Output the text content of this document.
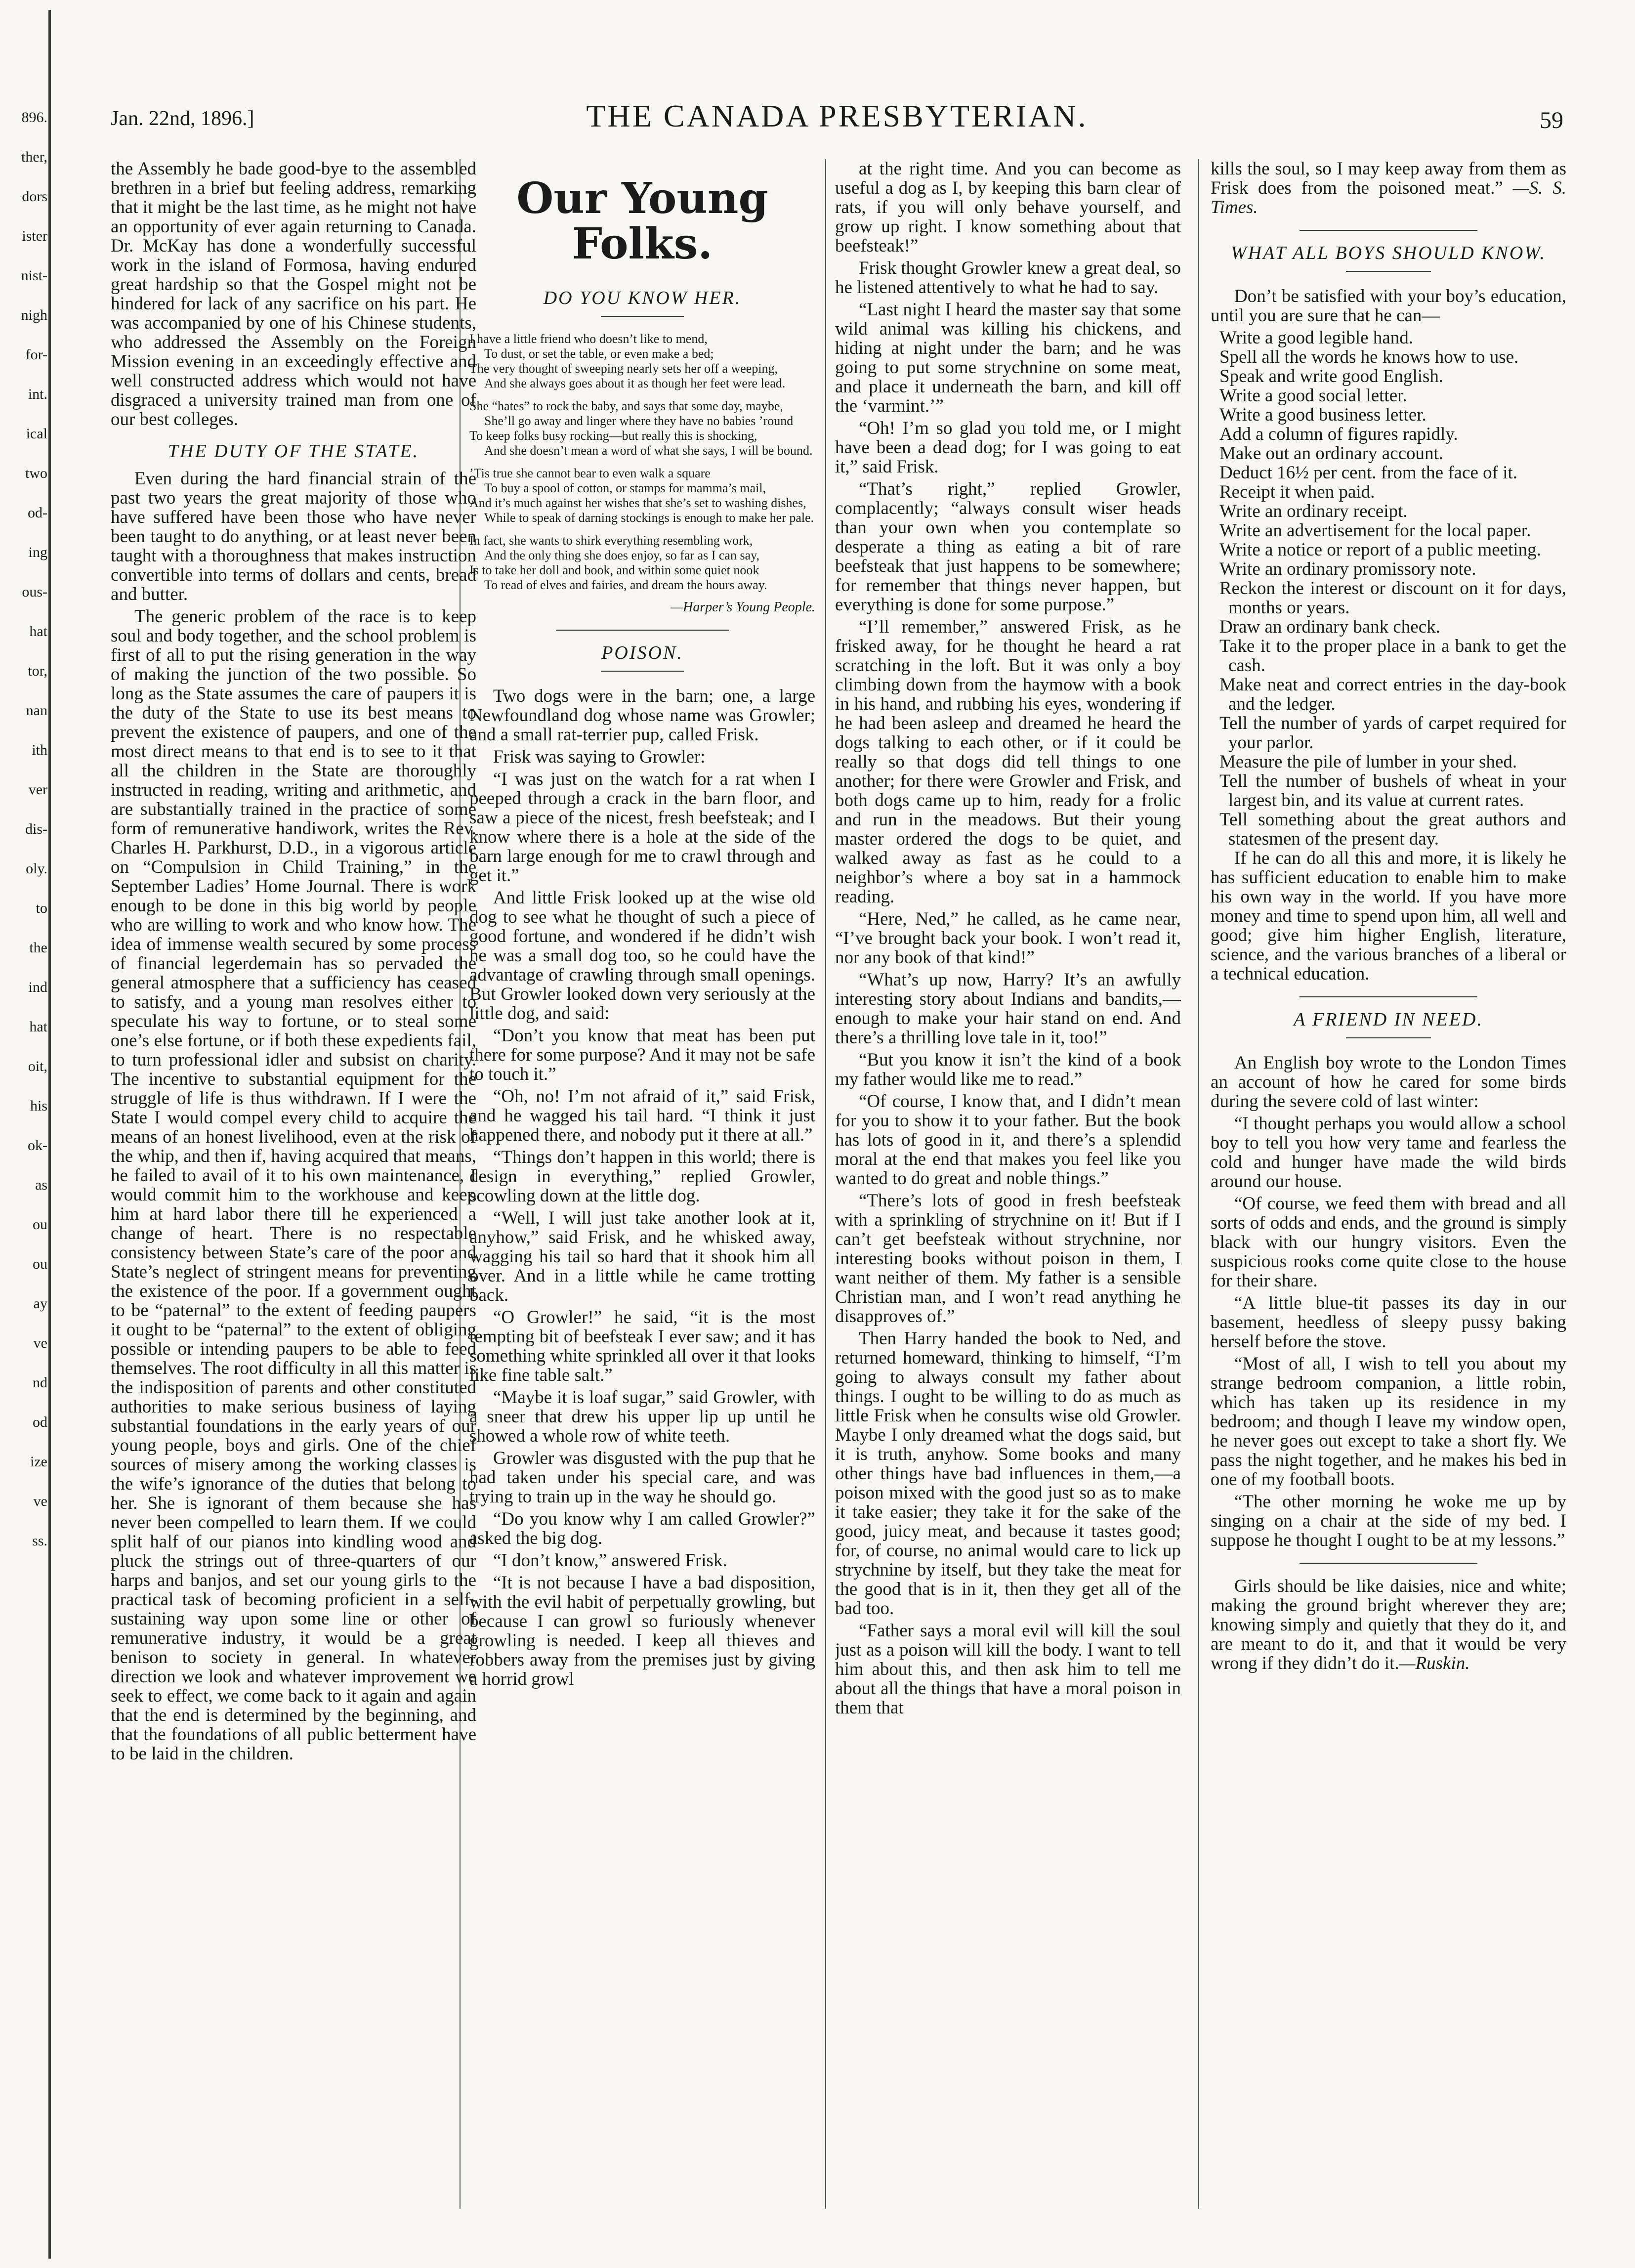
896.
ther,
dors
ister
nist-
nigh
for-
int.
ical
two
od-
ing
ous-
hat
tor,
nan
ith
ver
dis-
oly.
to
the
ind
hat
oit,
his
ok-
as
ou
ou
ay
ve
nd
od
ize
ve
ss.
Jan. 22nd, 1896.]	THE CANADA PRESBYTERIAN.	59

the Assembly he bade good-bye to the assembled brethren in a brief but feeling address, remarking that it might be the last time, as he might not have an opportunity of ever again returning to Canada. Dr. McKay has done a wonderfully successful work in the island of Formosa, having endured great hardship so that the Gospel might not be hindered for lack of any sacrifice on his part. He was accompanied by one of his Chinese students, who addressed the Assembly on the Foreign Mission evening in an exceedingly effective and well constructed address which would not have disgraced a university trained man from one of our best colleges.

THE DUTY OF THE STATE.

Even during the hard financial strain of the past two years the great majority of those who have suffered have been those who have never been taught to do anything, or at least never been taught with a thoroughness that makes instruction convertible into terms of dollars and cents, bread and butter.

The generic problem of the race is to keep soul and body together, and the school problem is first of all to put the rising generation in the way of making the junction of the two possible. So long as the State assumes the care of paupers it is the duty of the State to use its best means to prevent the existence of paupers, and one of the most direct means to that end is to see to it that all the children in the State are thoroughly instructed in reading, writing and arithmetic, and are substantially trained in the practice of some form of remunerative handiwork, writes the Rev. Charles H. Parkhurst, D.D., in a vigorous article on “Compulsion in Child Training,” in the September Ladies’ Home Journal. There is work enough to be done in this big world by people who are willing to work and who know how. The idea of immense wealth secured by some process of financial legerdemain has so pervaded the general atmosphere that a sufficiency has ceased to satisfy, and a young man resolves either to speculate his way to fortune, or to steal some one’s else fortune, or if both these expedients fail, to turn professional idler and subsist on charity. The incentive to substantial equipment for the struggle of life is thus withdrawn. If I were the State I would compel every child to acquire the means of an honest livelihood, even at the risk of the whip, and then if, having acquired that means, he failed to avail of it to his own maintenance, I would commit him to the workhouse and keep him at hard labor there till he experienced a change of heart. There is no respectable consistency between State’s care of the poor and State’s neglect of stringent means for preventing the existence of the poor. If a government ought to be “paternal” to the extent of feeding paupers it ought to be “paternal” to the extent of obliging possible or intending paupers to be able to feed themselves. The root difficulty in all this matter is the indisposition of parents and other constituted authorities to make serious business of laying substantial foundations in the early years of our young people, boys and girls. One of the chief sources of misery among the working classes is the wife’s ignorance of the duties that belong to her. She is ignorant of them because she has never been compelled to learn them. If we could split half of our pianos into kindling wood and pluck the strings out of three-quarters of our harps and banjos, and set our young girls to the practical task of becoming proficient in a self-sustaining way upon some line or other of remunerative industry, it would be a great benison to society in general. In whatever direction we look and whatever improvement we seek to effect, we come back to it again and again that the end is determined by the beginning, and that the foundations of all public betterment have to be laid in the children.

Our Young Folks.
DO YOU KNOW HER.

I have a little friend who doesn’t like to mend,

To dust, or set the table, or even make a bed;

The very thought of sweeping nearly sets her off a weeping,

And she always goes about it as though her feet were lead.

She “hates” to rock the baby, and says that some day, maybe,

She’ll go away and linger where they have no babies ’round

To keep folks busy rocking—but really this is shocking,

And she doesn’t mean a word of what she says, I will be bound.

’Tis true she cannot bear to even walk a square

To buy a spool of cotton, or stamps for mamma’s mail,

And it’s much against her wishes that she’s set to washing dishes,

While to speak of darning stockings is enough to make her pale.

In fact, she wants to shirk everything resembling work,

And the only thing she does enjoy, so far as I can say,

Is to take her doll and book, and within some quiet nook

To read of elves and fairies, and dream the hours away.

—Harper’s Young People.
POISON.

Two dogs were in the barn; one, a large Newfoundland dog whose name was Growler; and a small rat-terrier pup, called Frisk.

Frisk was saying to Growler:

“I was just on the watch for a rat when I peeped through a crack in the barn floor, and saw a piece of the nicest, fresh beefsteak; and I know where there is a hole at the side of the barn large enough for me to crawl through and get it.”

And little Frisk looked up at the wise old dog to see what he thought of such a piece of good fortune, and wondered if he didn’t wish he was a small dog too, so he could have the advantage of crawling through small openings. But Growler looked down very seriously at the little dog, and said:

“Don’t you know that meat has been put there for some purpose? And it may not be safe to touch it.”

“Oh, no! I’m not afraid of it,” said Frisk, and he wagged his tail hard. “I think it just happened there, and nobody put it there at all.”

“Things don’t happen in this world; there is design in everything,” replied Growler, scowling down at the little dog.

“Well, I will just take another look at it, anyhow,” said Frisk, and he whisked away, wagging his tail so hard that it shook him all over. And in a little while he came trotting back.

“O Growler!” he said, “it is the most tempting bit of beefsteak I ever saw; and it has something white sprinkled all over it that looks like fine table salt.”

“Maybe it is loaf sugar,” said Growler, with a sneer that drew his upper lip up until he showed a whole row of white teeth.

Growler was disgusted with the pup that he had taken under his special care, and was trying to train up in the way he should go.

“Do you know why I am called Growler?” asked the big dog.

“I don’t know,” answered Frisk.

“It is not because I have a bad disposition, with the evil habit of perpetually growling, but because I can growl so furiously whenever growling is needed. I keep all thieves and robbers away from the premises just by giving a horrid growl

at the right time. And you can become as useful a dog as I, by keeping this barn clear of rats, if you will only behave yourself, and grow up right. I know something about that beefsteak!”

Frisk thought Growler knew a great deal, so he listened attentively to what he had to say.

“Last night I heard the master say that some wild animal was killing his chickens, and hiding at night under the barn; and he was going to put some strychnine on some meat, and place it underneath the barn, and kill off the ‘varmint.’”

“Oh! I’m so glad you told me, or I might have been a dead dog; for I was going to eat it,” said Frisk.

“That’s right,” replied Growler, complacently; “always consult wiser heads than your own when you contemplate so desperate a thing as eating a bit of rare beefsteak that just happens to be somewhere; for remember that things never happen, but everything is done for some purpose.”

“I’ll remember,” answered Frisk, as he frisked away, for he thought he heard a rat scratching in the loft. But it was only a boy climbing down from the haymow with a book in his hand, and rubbing his eyes, wondering if he had been asleep and dreamed he heard the dogs talking to each other, or if it could be really so that dogs did tell things to one another; for there were Growler and Frisk, and both dogs came up to him, ready for a frolic and run in the meadows. But their young master ordered the dogs to be quiet, and walked away as fast as he could to a neighbor’s where a boy sat in a hammock reading.

“Here, Ned,” he called, as he came near, “I’ve brought back your book. I won’t read it, nor any book of that kind!”

“What’s up now, Harry? It’s an awfully interesting story about Indians and bandits,—enough to make your hair stand on end. And there’s a thrilling love tale in it, too!”

“But you know it isn’t the kind of a book my father would like me to read.”

“Of course, I know that, and I didn’t mean for you to show it to your father. But the book has lots of good in it, and there’s a splendid moral at the end that makes you feel like you wanted to do great and noble things.”

“There’s lots of good in fresh beefsteak with a sprinkling of strychnine on it! But if I can’t get beefsteak without strychnine, nor interesting books without poison in them, I want neither of them. My father is a sensible Christian man, and I won’t read anything he disapproves of.”

Then Harry handed the book to Ned, and returned homeward, thinking to himself, “I’m going to always consult my father about things. I ought to be willing to do as much as little Frisk when he consults wise old Growler. Maybe I only dreamed what the dogs said, but it is truth, anyhow. Some books and many other things have bad influences in them,—a poison mixed with the good just so as to make it take easier; they take it for the sake of the good, juicy meat, and because it tastes good; for, of course, no animal would care to lick up strychnine by itself, but they take the meat for the good that is in it, then they get all of the bad too.

“Father says a moral evil will kill the soul just as a poison will kill the body. I want to tell him about this, and then ask him to tell me about all the things that have a moral poison in them that

kills the soul, so I may keep away from them as Frisk does from the poisoned meat.” —S. S. Times.

WHAT ALL BOYS SHOULD KNOW.

Don’t be satisfied with your boy’s education, until you are sure that he can—

Write a good legible hand.

Spell all the words he knows how to use.

Speak and write good English.

Write a good social letter.

Write a good business letter.

Add a column of figures rapidly.

Make out an ordinary account.

Deduct 16½ per cent. from the face of it.

Receipt it when paid.

Write an ordinary receipt.

Write an advertisement for the local paper.

Write a notice or report of a public meeting.

Write an ordinary promissory note.

Reckon the interest or discount on it for days, months or years.

Draw an ordinary bank check.

Take it to the proper place in a bank to get the cash.

Make neat and correct entries in the day-book and the ledger.

Tell the number of yards of carpet required for your parlor.

Measure the pile of lumber in your shed.

Tell the number of bushels of wheat in your largest bin, and its value at current rates.

Tell something about the great authors and statesmen of the present day.

If he can do all this and more, it is likely he has sufficient education to enable him to make his own way in the world. If you have more money and time to spend upon him, all well and good; give him higher English, literature, science, and the various branches of a liberal or a technical education.

A FRIEND IN NEED.

An English boy wrote to the London Times an account of how he cared for some birds during the severe cold of last winter:

“I thought perhaps you would allow a school boy to tell you how very tame and fearless the cold and hunger have made the wild birds around our house.

“Of course, we feed them with bread and all sorts of odds and ends, and the ground is simply black with our hungry visitors. Even the suspicious rooks come quite close to the house for their share.

“A little blue-tit passes its day in our basement, heedless of sleepy pussy baking herself before the stove.

“Most of all, I wish to tell you about my strange bedroom companion, a little robin, which has taken up its residence in my bedroom; and though I leave my window open, he never goes out except to take a short fly. We pass the night together, and he makes his bed in one of my football boots.

“The other morning he woke me up by singing on a chair at the side of my bed. I suppose he thought I ought to be at my lessons.”

Girls should be like daisies, nice and white; making the ground bright wherever they are; knowing simply and quietly that they do it, and are meant to do it, and that it would be very wrong if they didn’t do it.—Ruskin.
